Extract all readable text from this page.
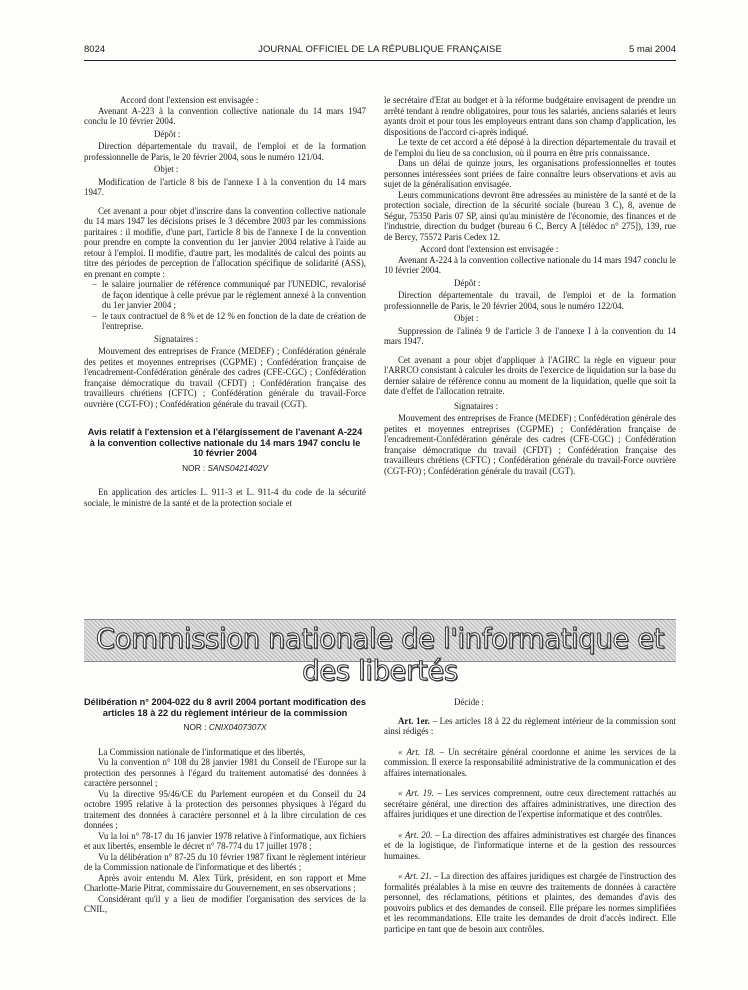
8024	JOURNAL OFFICIEL DE LA RÉPUBLIQUE FRANÇAISE	5 mai 2004

Accord dont l'extension est envisagée :

Avenant A-223 à la convention collective nationale du 14 mars 1947 conclu le 10 février 2004.

Dépôt :

Direction départementale du travail, de l'emploi et de la formation professionnelle de Paris, le 20 février 2004, sous le numéro 121/04.

Objet :

Modification de l'article 8 bis de l'annexe I à la convention du 14 mars 1947.

Cet avenant a pour objet d'inscrire dans la convention collective nationale du 14 mars 1947 les décisions prises le 3 décembre 2003 par les commissions paritaires : il modifie, d'une part, l'article 8 bis de l'annexe I de la convention pour prendre en compte la convention du 1er janvier 2004 relative à l'aide au retour à l'emploi. Il modifie, d'autre part, les modalités de calcul des points au titre des périodes de perception de l'allocation spécifique de solidarité (ASS), en prenant en compte :

– le salaire journalier de référence communiqué par l'UNEDIC, revalorisé de façon identique à celle prévue par le règlement annexé à la convention du 1er janvier 2004 ;

– le taux contractuel de 8 % et de 12 % en fonction de la date de création de l'entreprise.

Signataires :

Mouvement des entreprises de France (MEDEF) ; Confédération générale des petites et moyennes entreprises (CGPME) ; Confédération française de l'encadrement-Confédération générale des cadres (CFE-CGC) ; Confédération française démocratique du travail (CFDT) ; Confédération française des travailleurs chrétiens (CFTC) ; Confédération générale du travail-Force ouvrière (CGT-FO) ; Confédération générale du travail (CGT).

Avis relatif à l'extension et à l'élargissement de l'avenant A-224 à la convention collective nationale du 14 mars 1947 conclu le 10 février 2004

NOR : SANS0421402V

En application des articles L. 911-3 et L. 911-4 du code de la sécurité sociale, le ministre de la santé et de la protection sociale et

le secrétaire d'Etat au budget et à la réforme budgétaire envisagent de prendre un arrêté tendant à rendre obligatoires, pour tous les salariés, anciens salariés et leurs ayants droit et pour tous les employeurs entrant dans son champ d'application, les dispositions de l'accord ci-après indiqué.

Le texte de cet accord a été déposé à la direction départementale du travail et de l'emploi du lieu de sa conclusion, où il pourra en être pris connaissance.

Dans un délai de quinze jours, les organisations professionnelles et toutes personnes intéressées sont priées de faire connaître leurs observations et avis au sujet de la généralisation envisagée.

Leurs communications devront être adressées au ministère de la santé et de la protection sociale, direction de la sécurité sociale (bureau 3 C), 8, avenue de Ségur, 75350 Paris 07 SP, ainsi qu'au ministère de l'économie, des finances et de l'industrie, direction du budget (bureau 6 C, Bercy A [télédoc n° 275]), 139, rue de Bercy, 75572 Paris Cedex 12.

Accord dont l'extension est envisagée :

Avenant A-224 à la convention collective nationale du 14 mars 1947 conclu le 10 février 2004.

Dépôt :

Direction départementale du travail, de l'emploi et de la formation professionnelle de Paris, le 20 février 2004, sous le numéro 122/04.

Objet :

Suppression de l'alinéa 9 de l'article 3 de l'annexe I à la convention du 14 mars 1947.

Cet avenant a pour objet d'appliquer à l'AGIRC la règle en vigueur pour l'ARRCO consistant à calculer les droits de l'exercice de liquidation sur la base du dernier salaire de référence connu au moment de la liquidation, quelle que soit la date d'effet de l'allocation retraite.

Signataires :

Mouvement des entreprises de France (MEDEF) ; Confédération générale des petites et moyennes entreprises (CGPME) ; Confédération française de l'encadrement-Confédération générale des cadres (CFE-CGC) ; Confédération française démocratique du travail (CFDT) ; Confédération française des travailleurs chrétiens (CFTC) ; Confédération générale du travail-Force ouvrière (CGT-FO) ; Confédération générale du travail (CGT).

Commission nationale de l'informatique et des libertés

Délibération n° 2004-022 du 8 avril 2004 portant modification des articles 18 à 22 du règlement intérieur de la commission

NOR : CNIX0407307X

La Commission nationale de l'informatique et des libertés,

Vu la convention n° 108 du 28 janvier 1981 du Conseil de l'Europe sur la protection des personnes à l'égard du traitement automatisé des données à caractère personnel ;

Vu la directive 95/46/CE du Parlement européen et du Conseil du 24 octobre 1995 relative à la protection des personnes physiques à l'égard du traitement des données à caractère personnel et à la libre circulation de ces données ;

Vu la loi n° 78-17 du 16 janvier 1978 relative à l'informatique, aux fichiers et aux libertés, ensemble le décret n° 78-774 du 17 juillet 1978 ;

Vu la délibération n° 87-25 du 10 février 1987 fixant le règlement intérieur de la Commission nationale de l'informatique et des libertés ;

Après avoir entendu M. Alex Türk, président, en son rapport et Mme Charlotte-Marie Pitrat, commissaire du Gouvernement, en ses observations ;

Considérant qu'il y a lieu de modifier l'organisation des services de la CNIL,

Décide :

Art. 1er. – Les articles 18 à 22 du règlement intérieur de la commission sont ainsi rédigés :

« Art. 18. – Un secrétaire général coordonne et anime les services de la commission. Il exerce la responsabilité administrative de la communication et des affaires internationales.

« Art. 19. – Les services comprennent, outre ceux directement rattachés au secrétaire général, une direction des affaires administratives, une direction des affaires juridiques et une direction de l'expertise informatique et des contrôles.

« Art. 20. – La direction des affaires administratives est chargée des finances et de la logistique, de l'informatique interne et de la gestion des ressources humaines.

« Art. 21. – La direction des affaires juridiques est chargée de l'instruction des formalités préalables à la mise en œuvre des traitements de données à caractère personnel, des réclamations, pétitions et plaintes, des demandes d'avis des pouvoirs publics et des demandes de conseil. Elle prépare les normes simplifiées et les recommandations. Elle traite les demandes de droit d'accès indirect. Elle participe en tant que de besoin aux contrôles.
